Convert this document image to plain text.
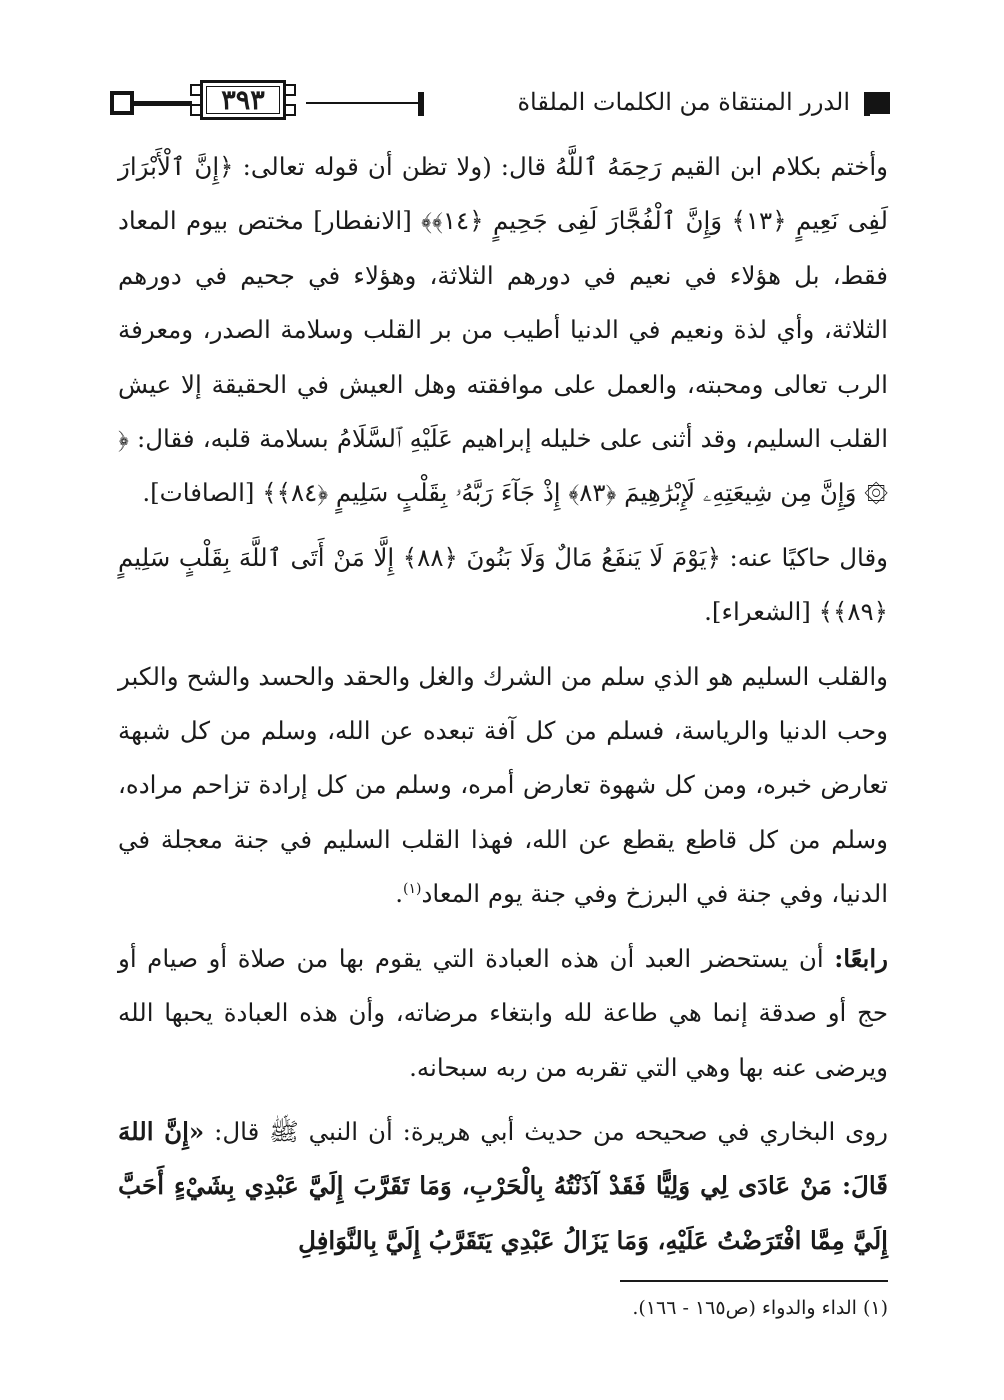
٣٩٣	الدرر المنتقاة من الكلمات الملقاة

وأختم بكلام ابن القيم رَحِمَهُ ٱللَّهُ قال: (ولا تظن أن قوله تعالى: ﴿إِنَّ ٱلْأَبْرَارَ لَفِى نَعِيمٍ ﴿١٣﴾ وَإِنَّ ٱلْفُجَّارَ لَفِى جَحِيمٍ ﴿١٤﴾﴾ [الانفطار] مختص بيوم المعاد فقط، بل هؤلاء في نعيم في دورهم الثلاثة، وهؤلاء في جحيم في دورهم الثلاثة، وأي لذة ونعيم في الدنيا أطيب من بر القلب وسلامة الصدر، ومعرفة الرب تعالى ومحبته، والعمل على موافقته وهل العيش في الحقيقة إلا عيش القلب السليم، وقد أثنى على خليله إبراهيم عَلَيْهِ ٱلسَّلَامُ بسلامة قلبه، فقال: ﴿ ۞ وَإِنَّ مِن شِيعَتِهِۦ لَإِبْرَٰهِيمَ ﴿٨٣﴾ إِذْ جَآءَ رَبَّهُۥ بِقَلْبٍ سَلِيمٍ ﴿٨٤﴾﴾ [الصافات].

وقال حاكيًا عنه: ﴿يَوْمَ لَا يَنفَعُ مَالٌ وَلَا بَنُونَ ﴿٨٨﴾ إِلَّا مَنْ أَتَى ٱللَّهَ بِقَلْبٍ سَلِيمٍ ﴿٨٩﴾﴾ [الشعراء].

والقلب السليم هو الذي سلم من الشرك والغل والحقد والحسد والشح والكبر وحب الدنيا والرياسة، فسلم من كل آفة تبعده عن الله، وسلم من كل شبهة تعارض خبره، ومن كل شهوة تعارض أمره، وسلم من كل إرادة تزاحم مراده، وسلم من كل قاطع يقطع عن الله، فهذا القلب السليم في جنة معجلة في الدنيا، وفي جنة في البرزخ وفي جنة يوم المعاد$^{(١)}$.

رابعًا: أن يستحضر العبد أن هذه العبادة التي يقوم بها من صلاة أو صيام أو حج أو صدقة إنما هي طاعة لله وابتغاء مرضاته، وأن هذه العبادة يحبها الله ويرضى عنه بها وهي التي تقربه من ربه سبحانه.

روى البخاري في صحيحه من حديث أبي هريرة: أن النبي ﷺ قال: «إِنَّ اللهَ قَالَ: مَنْ عَادَى لِي وَلِيًّا فَقَدْ آذَنْتُهُ بِالْحَرْبِ، وَمَا تَقَرَّبَ إِلَيَّ عَبْدِي بِشَيْءٍ أَحَبَّ إِلَيَّ مِمَّا افْتَرَضْتُ عَلَيْهِ، وَمَا يَزَالُ عَبْدِي يَتَقَرَّبُ إِلَيَّ بِالنَّوَافِلِ

(١) الداء والدواء (ص١٦٥ - ١٦٦).
